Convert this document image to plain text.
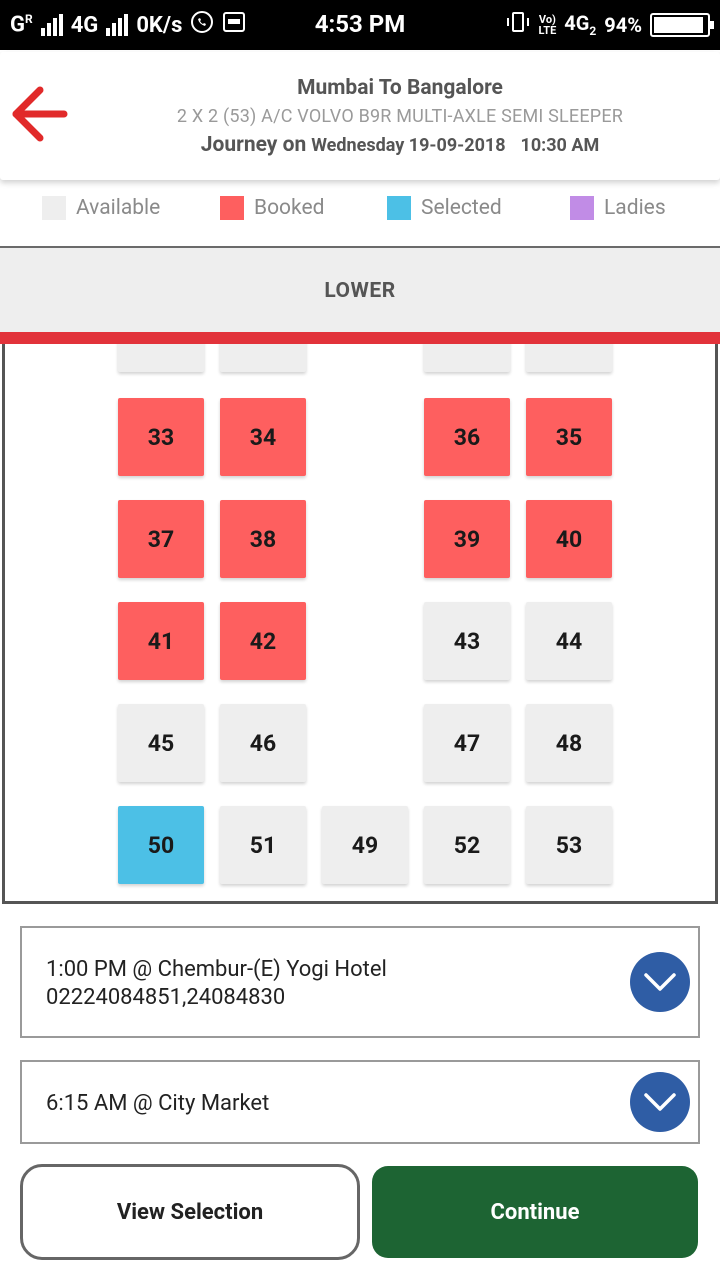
$G^R$ 4G 0K/s	4:53 PM	Vo)
LTE $4G_2$ 94%
Mumbai To Bangalore
2 X 2 (53) A/C VOLVO B9R MULTI-AXLE SEMI SLEEPER
Journey on Wednesday 19-09-2018 10:30 AM
Available	Booked	Selected	Ladies
LOWER
33	34	36	35
37	38	39	40
41	42	43	44
45	46	47	48
50	51	49	52	53
1:00 PM @ Chembur-(E) Yogi Hotel
02224084851,24084830
6:15 AM @ City Market
View Selection	Continue
